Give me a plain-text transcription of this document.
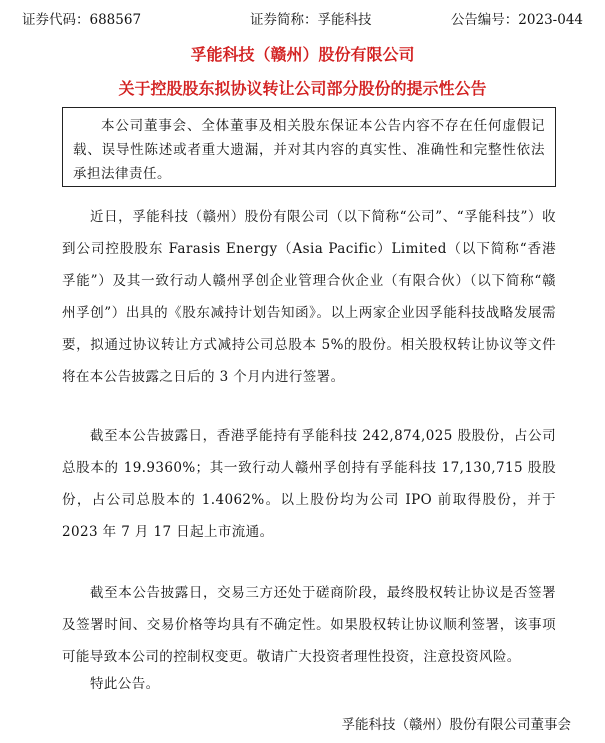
证券代码：688567	证券简称：孚能科技	公告编号：2023-044
孚能科技（赣州）股份有限公司
关于控股股东拟协议转让公司部分股份的提示性公告
本公司董事会、全体董事及相关股东保证本公告内容不存在任何虚假记载、误导性陈述或者重大遗漏，并对其内容的真实性、准确性和完整性依法承担法律责任。
近日，孚能科技（赣州）股份有限公司（以下简称“公司”、“孚能科技”）收到公司控股股东 Farasis Energy（Asia Pacific）Limited（以下简称“香港孚能”）及其一致行动人赣州孚创企业管理合伙企业（有限合伙）（以下简称“赣州孚创”）出具的《股东减持计划告知函》。以上两家企业因孚能科技战略发展需要，拟通过协议转让方式减持公司总股本 5%的股份。相关股权转让协议等文件将在本公告披露之日后的 3 个月内进行签署。
截至本公告披露日，香港孚能持有孚能科技 242,874,025 股股份，占公司总股本的 19.9360%；其一致行动人赣州孚创持有孚能科技 17,130,715 股股份，占公司总股本的 1.4062%。以上股份均为公司 IPO 前取得股份，并于 2023 年 7 月 17 日起上市流通。
截至本公告披露日，交易三方还处于磋商阶段，最终股权转让协议是否签署及签署时间、交易价格等均具有不确定性。如果股权转让协议顺利签署，该事项可能导致本公司的控制权变更。敬请广大投资者理性投资，注意投资风险。
特此公告。
孚能科技（赣州）股份有限公司董事会
